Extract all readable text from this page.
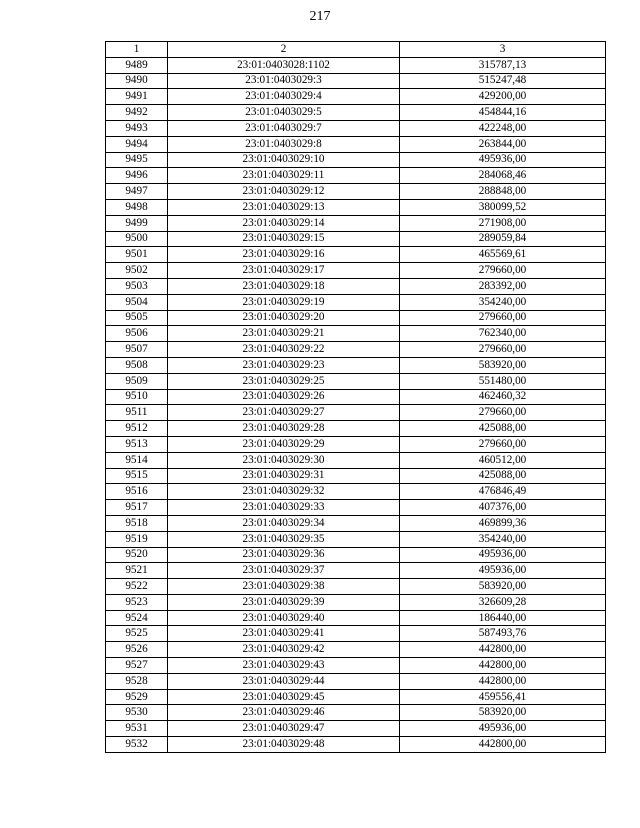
217
1	2	3
9489	23:01:0403028:1102	315787,13
9490	23:01:0403029:3	515247,48
9491	23:01:0403029:4	429200,00
9492	23:01:0403029:5	454844,16
9493	23:01:0403029:7	422248,00
9494	23:01:0403029:8	263844,00
9495	23:01:0403029:10	495936,00
9496	23:01:0403029:11	284068,46
9497	23:01:0403029:12	288848,00
9498	23:01:0403029:13	380099,52
9499	23:01:0403029:14	271908,00
9500	23:01:0403029:15	289059,84
9501	23:01:0403029:16	465569,61
9502	23:01:0403029:17	279660,00
9503	23:01:0403029:18	283392,00
9504	23:01:0403029:19	354240,00
9505	23:01:0403029:20	279660,00
9506	23:01:0403029:21	762340,00
9507	23:01:0403029:22	279660,00
9508	23:01:0403029:23	583920,00
9509	23:01:0403029:25	551480,00
9510	23:01:0403029:26	462460,32
9511	23:01:0403029:27	279660,00
9512	23:01:0403029:28	425088,00
9513	23:01:0403029:29	279660,00
9514	23:01:0403029:30	460512,00
9515	23:01:0403029:31	425088,00
9516	23:01:0403029:32	476846,49
9517	23:01:0403029:33	407376,00
9518	23:01:0403029:34	469899,36
9519	23:01:0403029:35	354240,00
9520	23:01:0403029:36	495936,00
9521	23:01:0403029:37	495936,00
9522	23:01:0403029:38	583920,00
9523	23:01:0403029:39	326609,28
9524	23:01:0403029:40	186440,00
9525	23:01:0403029:41	587493,76
9526	23:01:0403029:42	442800,00
9527	23:01:0403029:43	442800,00
9528	23:01:0403029:44	442800,00
9529	23:01:0403029:45	459556,41
9530	23:01:0403029:46	583920,00
9531	23:01:0403029:47	495936,00
9532	23:01:0403029:48	442800,00
